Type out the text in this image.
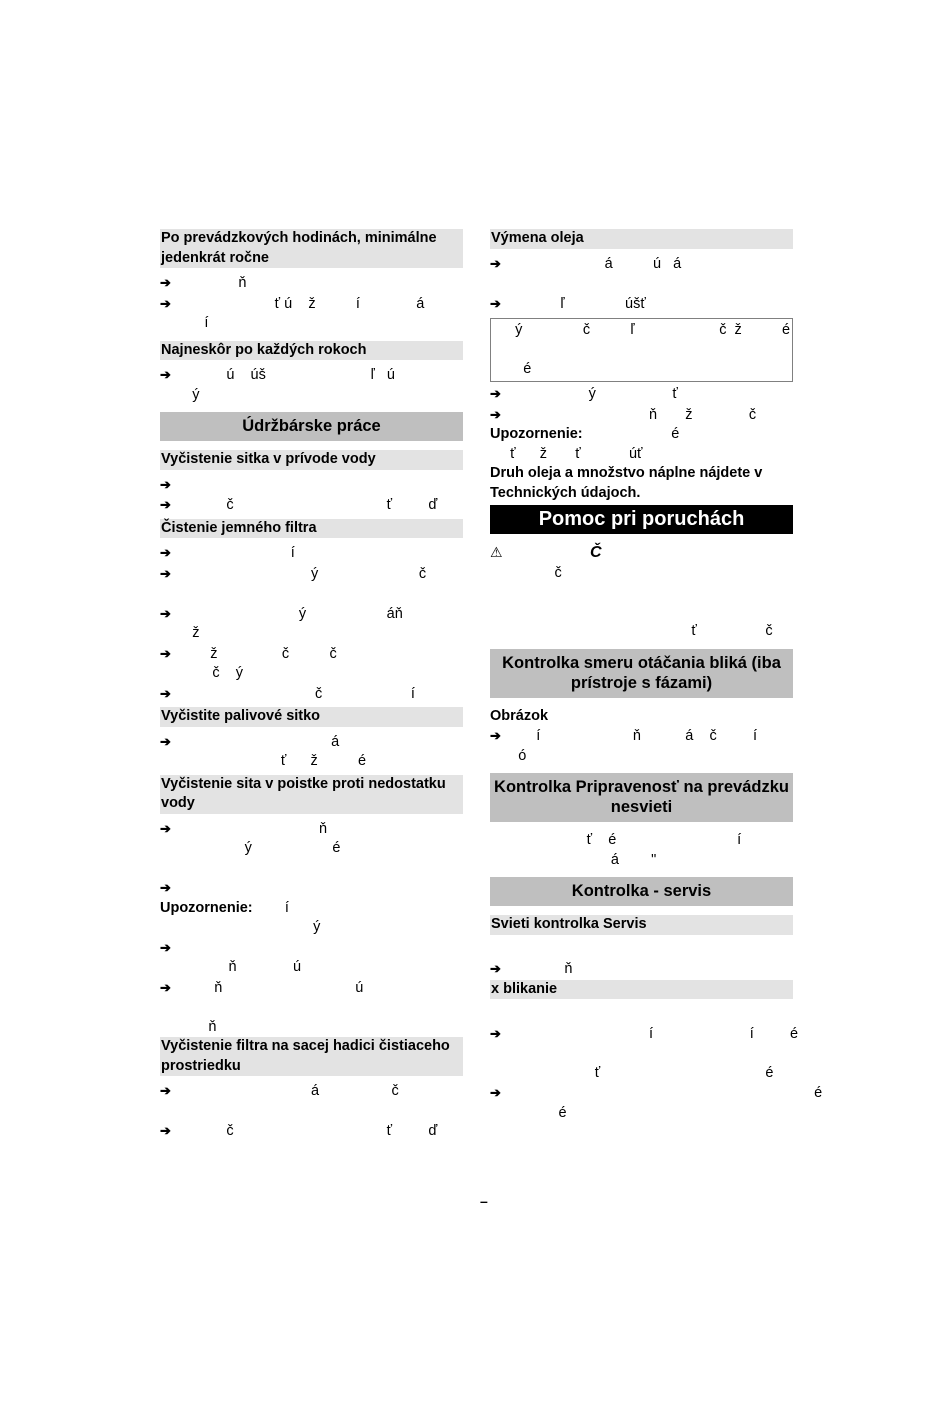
Po prevádzkových hodinách, minimálne jedenkrát ročne
➔               ň
➔                        ť ú    ž          í              á
í
Najneskôr po každých rokoch
➔            ú    úš                          ľ   ú
ý
Údržbárske práce
Vyčistenie sitka v prívode vody
➔
➔            č                                      ť         ď
Čistenie jemného filtra
➔                            í
➔                                 ý                         č
➔                              ý                    áň
ž
➔        ž                č          č
č    ý
➔                                  č                      í
Vyčistite palivové sitko
➔                                      á
ť      ž          é
Vyčistenie sita v poistke proti nedostatku vody
➔                                   ň
ý                    é
➔
Upozornenie:        í
ý
➔
ň              ú
➔         ň                                 ú
ň
Vyčistenie filtra na sacej hadici čistiaceho prostriedku
➔                                 á                  č
➔            č                                      ť         ď
Výmena oleja
➔                        á          ú   á
➔             ľ               úšť
ý               č          ľ                     č  ž          é
é
➔                    ý                   ť
➔                                   ň       ž              č
Upozornenie:                      é
ť      ž       ť            úť
Druh oleja a množstvo náplne nájdete v
Technických údajoch.
Pomoc pri poruchách
⚠	Č
č
ť                 č
Kontrolka smeru otáčania bliká (iba prístroje s fázami)
Obrázok
➔       í                       ň           á    č         í
ó
Kontrolka Pripravenosť na prevádzku nesvieti
ť    é                              í
á        "
Kontrolka - servis
Svieti kontrolka Servis
➔              ň
x blikanie
➔                                   í                        í         é
ť                                         é
➔                                                                            é
é
–
